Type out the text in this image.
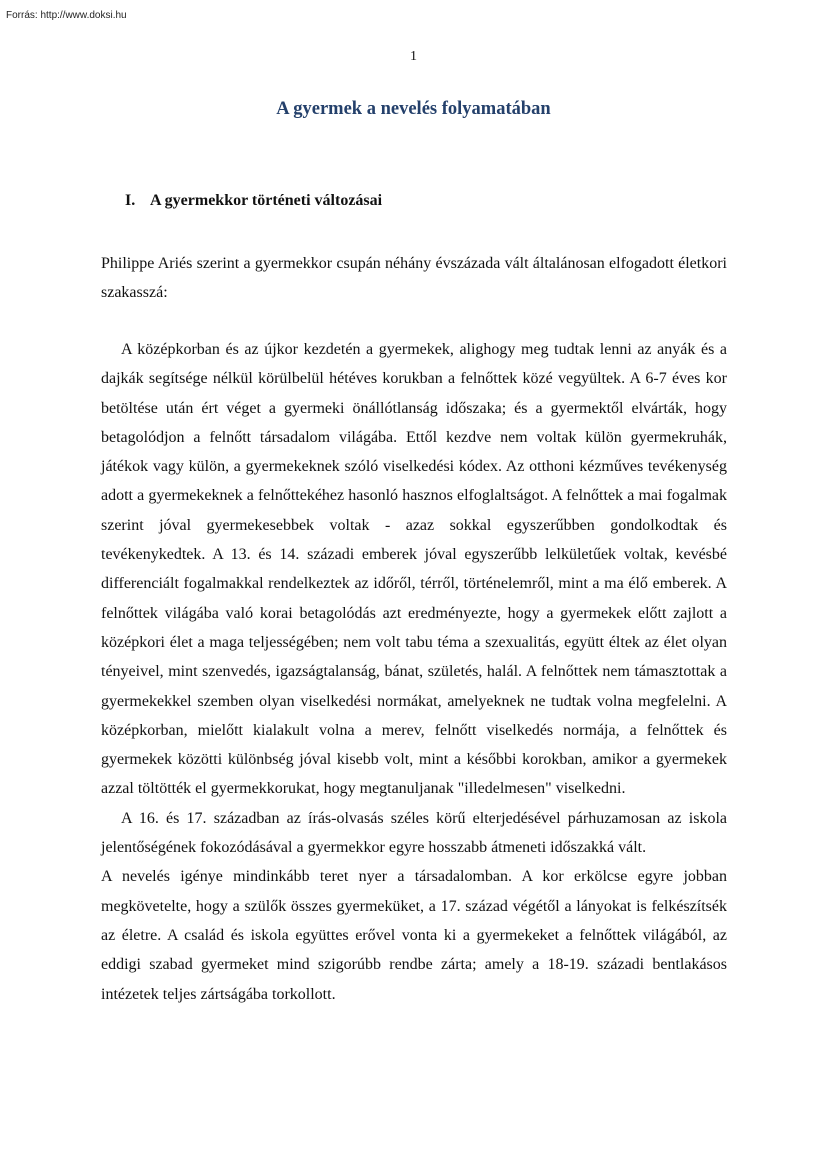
Forrás: http://www.doksi.hu

1

A gyermek a nevelés folyamatában
I. A gyermekkor történeti változásai

Philippe Ariés szerint a gyermekkor csupán néhány évszázada vált általánosan elfogadott életkori szakasszá:

A középkorban és az újkor kezdetén a gyermekek, alighogy meg tudtak lenni az anyák és a dajkák segítsége nélkül körülbelül hétéves korukban a felnőttek közé vegyültek. A 6-7 éves kor betöltése után ért véget a gyermeki önállótlanság időszaka; és a gyermektől elvárták, hogy betagolódjon a felnőtt társadalom világába. Ettől kezdve nem voltak külön gyermekruhák, játékok vagy külön, a gyermekeknek szóló viselkedési kódex. Az otthoni kézműves tevékenység adott a gyermekeknek a felnőttekéhez hasonló hasznos elfoglaltságot. A felnőttek a mai fogalmak szerint jóval gyermekesebbek voltak - azaz sokkal egyszerűbben gondolkodtak és tevékenykedtek. A 13. és 14. századi emberek jóval egyszerűbb lelkületűek voltak, kevésbé differenciált fogalmakkal rendelkeztek az időről, térről, történelemről, mint a ma élő emberek. A felnőttek világába való korai betagolódás azt eredményezte, hogy a gyermekek előtt zajlott a középkori élet a maga teljességében; nem volt tabu téma a szexualitás, együtt éltek az élet olyan tényeivel, mint szenvedés, igazságtalanság, bánat, születés, halál. A felnőttek nem támasztottak a gyermekekkel szemben olyan viselkedési normákat, amelyeknek ne tudtak volna megfelelni. A középkorban, mielőtt kialakult volna a merev, felnőtt viselkedés normája, a felnőttek és gyermekek közötti különbség jóval kisebb volt, mint a későbbi korokban, amikor a gyermekek azzal töltötték el gyermekkorukat, hogy megtanuljanak "illedelmesen" viselkedni.

A 16. és 17. században az írás-olvasás széles körű elterjedésével párhuzamosan az iskola jelentőségének fokozódásával a gyermekkor egyre hosszabb átmeneti időszakká vált.

A nevelés igénye mindinkább teret nyer a társadalomban. A kor erkölcse egyre jobban megkövetelte, hogy a szülők összes gyermeküket, a 17. század végétől a lányokat is felkészítsék az életre. A család és iskola együttes erővel vonta ki a gyermekeket a felnőttek világából, az eddigi szabad gyermeket mind szigorúbb rendbe zárta; amely a 18-19. századi bentlakásos intézetek teljes zártságába torkollott.
